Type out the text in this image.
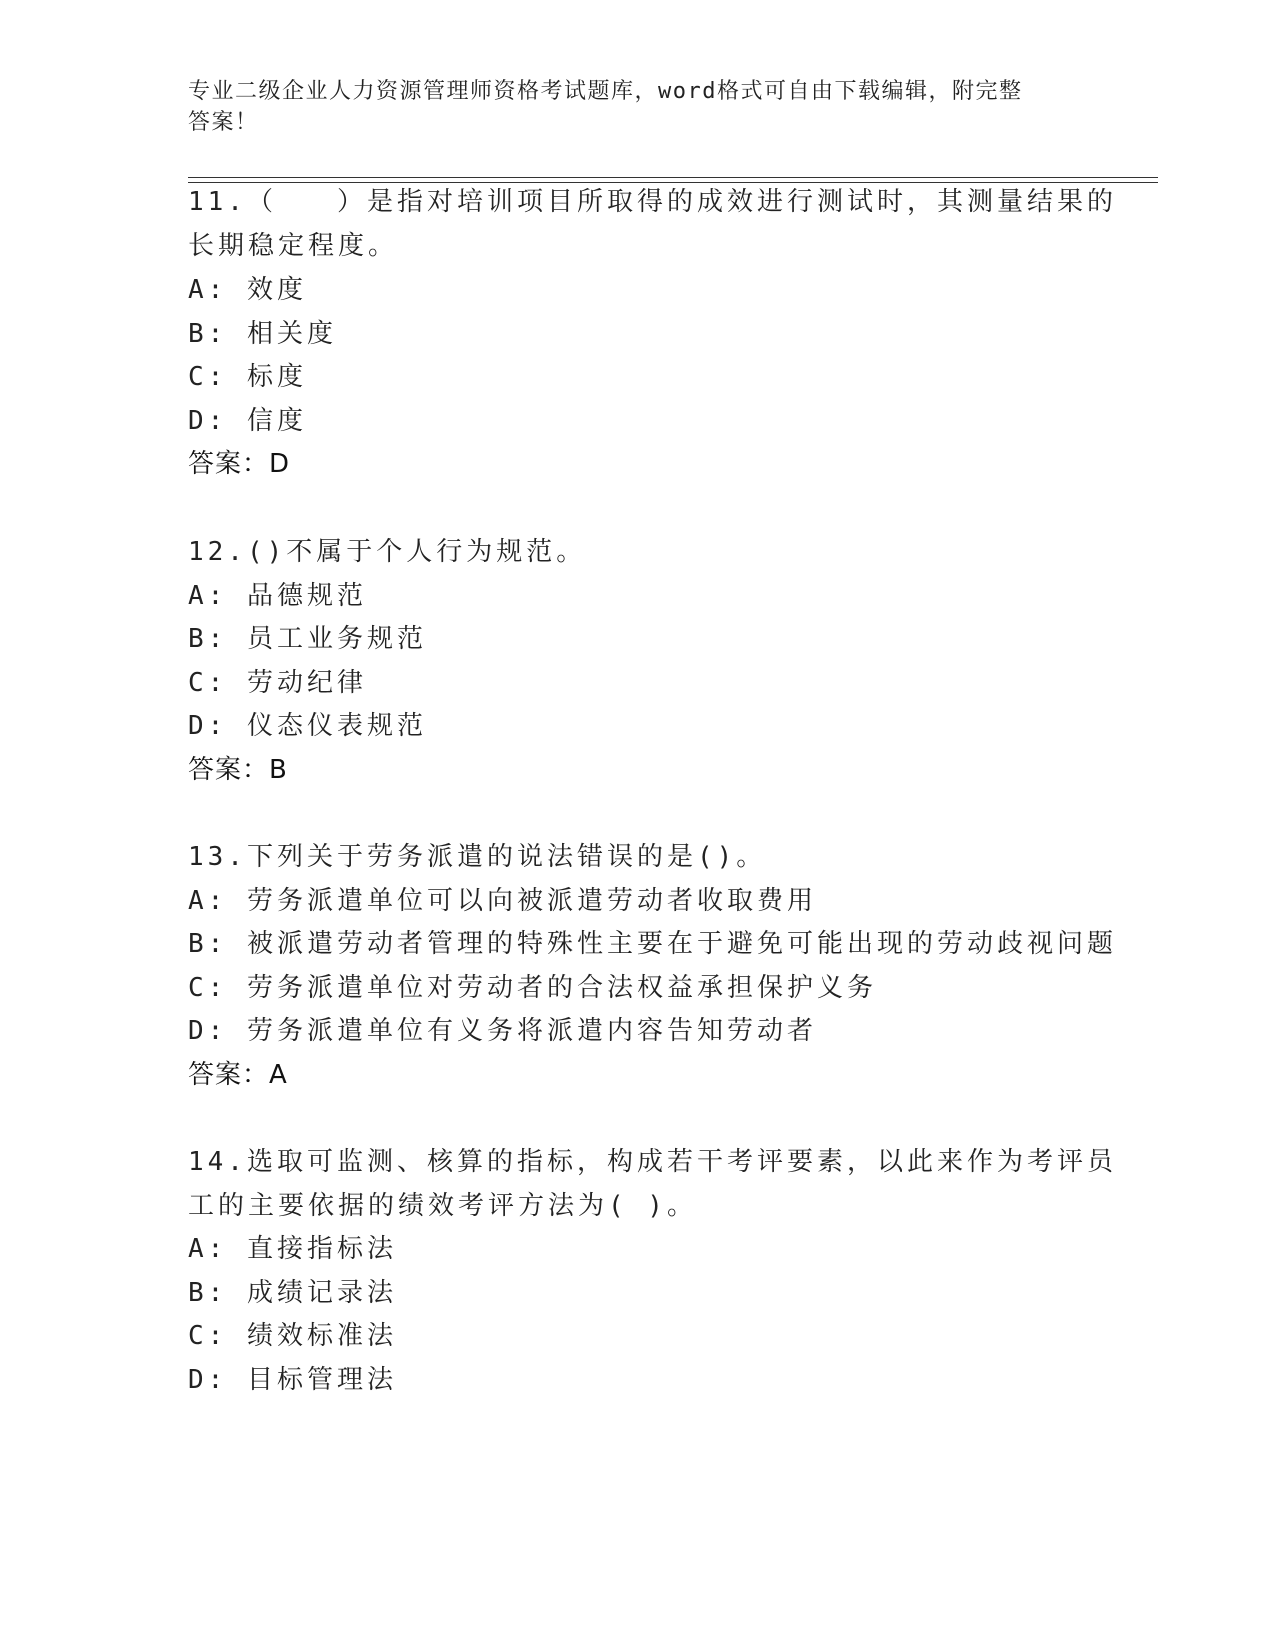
专业二级企业人力资源管理师资格考试题库，word格式可自由下载编辑，附完整
答案！
11.（　　）是指对培训项目所取得的成效进行测试时，其测量结果的
长期稳定程度。
A: 效度
B: 相关度
C: 标度
D: 信度
答案：D
12.()不属于个人行为规范。
A: 品德规范
B: 员工业务规范
C: 劳动纪律
D: 仪态仪表规范
答案：B
13.下列关于劳务派遣的说法错误的是()。
A: 劳务派遣单位可以向被派遣劳动者收取费用
B: 被派遣劳动者管理的特殊性主要在于避免可能出现的劳动歧视问题
C: 劳务派遣单位对劳动者的合法权益承担保护义务
D: 劳务派遣单位有义务将派遣内容告知劳动者
答案：A
14.选取可监测、核算的指标，构成若干考评要素，以此来作为考评员
工的主要依据的绩效考评方法为( )。
A: 直接指标法
B: 成绩记录法
C: 绩效标准法
D: 目标管理法
